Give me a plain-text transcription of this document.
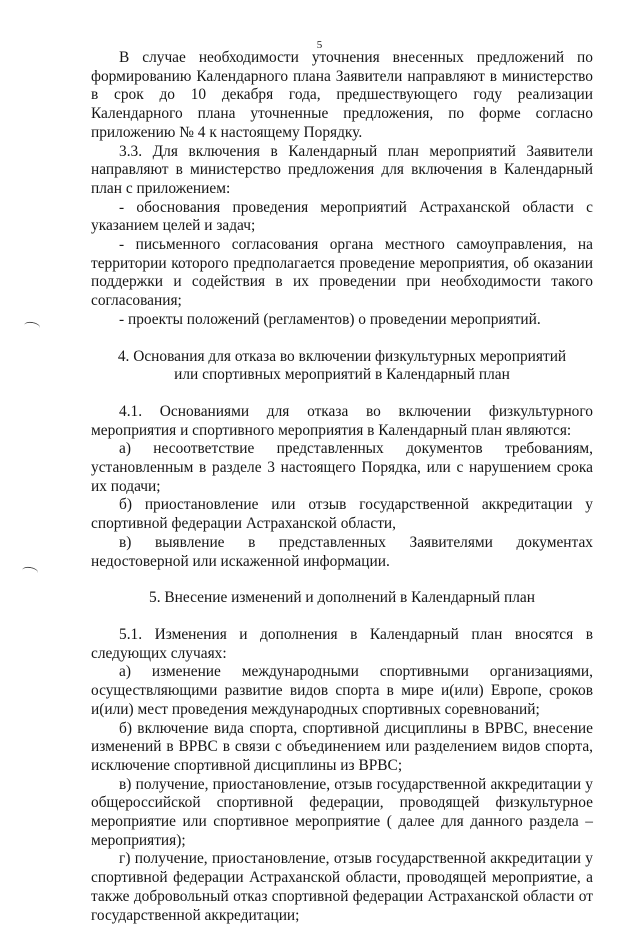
5

В случае необходимости уточнения внесенных предложений по формированию Календарного плана Заявители направляют в министерство в срок до 10 декабря года, предшествующего году реализации Календарного плана уточненные предложения, по форме согласно приложению № 4 к настоящему Порядку.

3.3. Для включения в Календарный план мероприятий Заявители направляют в министерство предложения для включения в Календарный план с приложением:

- обоснования проведения мероприятий Астраханской области с указанием целей и задач;

- письменного согласования органа местного самоуправления, на территории которого предполагается проведение мероприятия, об оказании поддержки и содействия в их проведении при необходимости такого согласования;

- проекты положений (регламентов) о проведении мероприятий.

4. Основания для отказа во включении физкультурных мероприятий

или спортивных мероприятий в Календарный план

4.1. Основаниями для отказа во включении физкультурного мероприятия и спортивного мероприятия в Календарный план являются:

а) несоответствие представленных документов требованиям, установленным в разделе 3 настоящего Порядка, или с нарушением срока их подачи;

б) приостановление или отзыв государственной аккредитации у спортивной федерации Астраханской области,

в) выявление в представленных Заявителями документах недостоверной или искаженной информации.

5. Внесение изменений и дополнений в Календарный план

5.1. Изменения и дополнения в Календарный план вносятся в следующих случаях:

а) изменение международными спортивными организациями, осуществляющими развитие видов спорта в мире и(или) Европе, сроков и(или) мест проведения международных спортивных соревнований;

б) включение вида спорта, спортивной дисциплины в ВРВС, внесение изменений в ВРВС в связи с объединением или разделением видов спорта, исключение спортивной дисциплины из ВРВС;

в) получение, приостановление, отзыв государственной аккредитации у общероссийской спортивной федерации, проводящей физкультурное мероприятие или спортивное мероприятие ( далее для данного раздела – мероприятия);

г) получение, приостановление, отзыв государственной аккредитации у спортивной федерации Астраханской области, проводящей мероприятие, а также добровольный отказ спортивной федерации Астраханской области от государственной аккредитации;
